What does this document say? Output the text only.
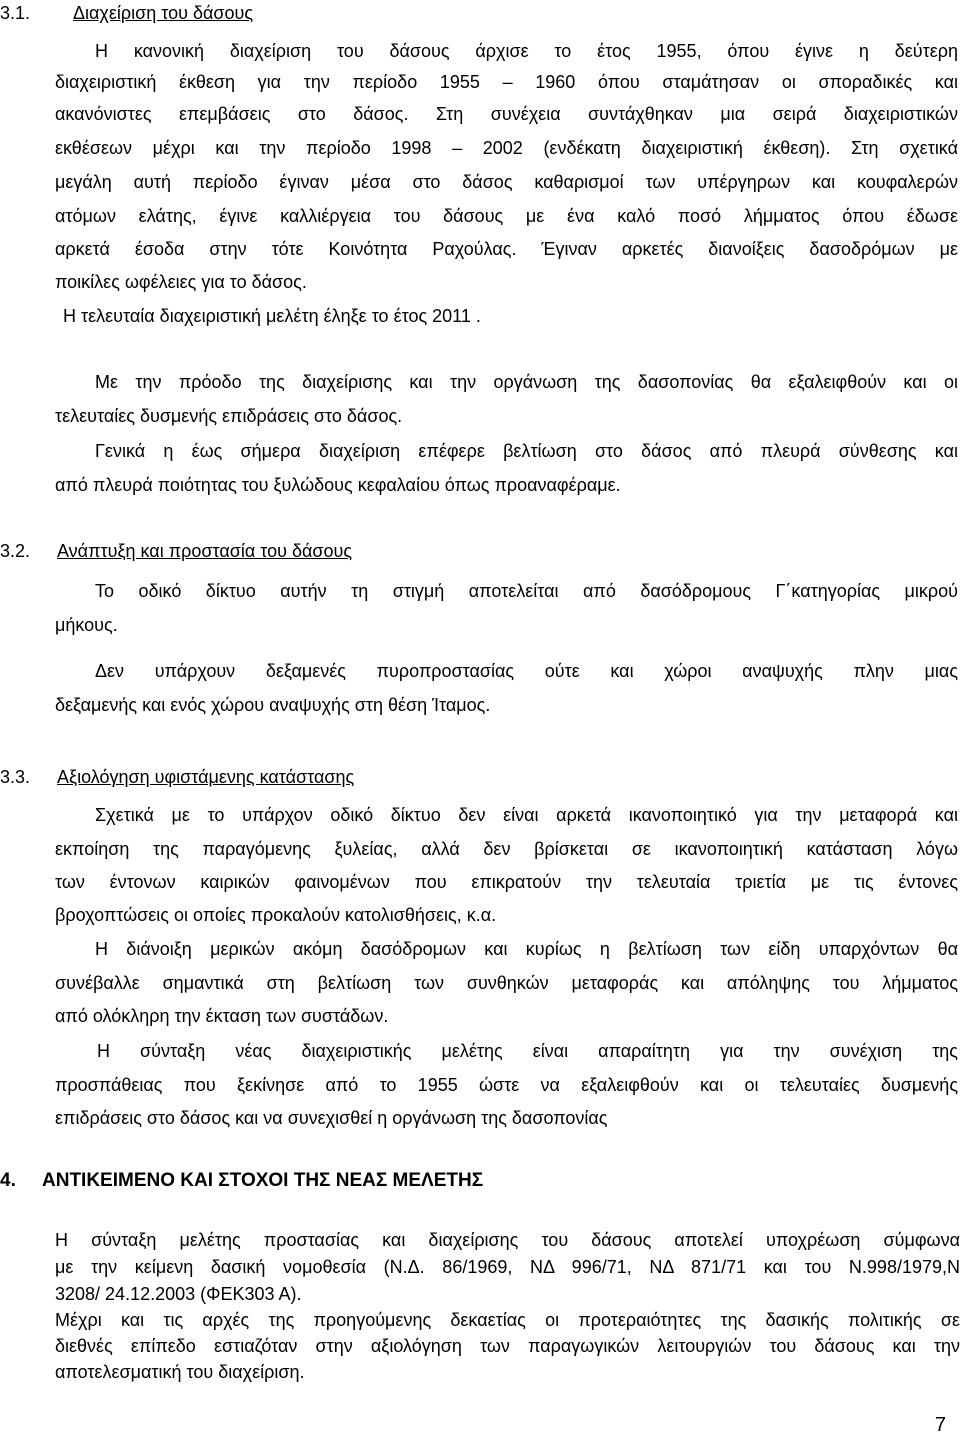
3.1. Διαχείριση του δάσους
Η κανονική διαχείριση του δάσους άρχισε το έτος 1955, όπου έγινε η δεύτερη
διαχειριστική έκθεση για την περίοδο 1955 – 1960 όπου σταμάτησαν οι σποραδικές και
ακανόνιστες επεμβάσεις στο δάσος. Στη συνέχεια συντάχθηκαν μια σειρά διαχειριστικών
εκθέσεων μέχρι και την περίοδο 1998 – 2002 (ενδέκατη διαχειριστική έκθεση). Στη σχετικά
μεγάλη αυτή περίοδο έγιναν μέσα στο δάσος καθαρισμοί των υπέργηρων και κουφαλερών
ατόμων ελάτης, έγινε καλλιέργεια του δάσους με ένα καλό ποσό λήμματος όπου έδωσε
αρκετά έσοδα στην τότε Κοινότητα Ραχούλας. Έγιναν αρκετές διανοίξεις δασοδρόμων με
ποικίλες ωφέλειες για το δάσος.
Η τελευταία διαχειριστική μελέτη έληξε το έτος 2011 .
Με την πρόοδο της διαχείρισης και την οργάνωση της δασοπονίας θα εξαλειφθούν και οι
τελευταίες δυσμενής επιδράσεις στο δάσος.
Γενικά η έως σήμερα διαχείριση επέφερε βελτίωση στο δάσος από πλευρά σύνθεσης και
από πλευρά ποιότητας του ξυλώδους κεφαλαίου όπως προαναφέραμε.
3.2. Ανάπτυξη και προστασία του δάσους
Το οδικό δίκτυο αυτήν τη στιγμή αποτελείται από δασόδρομους Γ΄κατηγορίας μικρού
μήκους.
Δεν υπάρχουν δεξαμενές πυροπροστασίας ούτε και χώροι αναψυχής πλην μιας
δεξαμενής και ενός χώρου αναψυχής στη θέση Ίταμος.
3.3. Αξιολόγηση υφιστάμενης κατάστασης
Σχετικά με το υπάρχον οδικό δίκτυο δεν είναι αρκετά ικανοποιητικό για την μεταφορά και
εκποίηση της παραγόμενης ξυλείας, αλλά δεν βρίσκεται σε ικανοποιητική κατάσταση λόγω
των έντονων καιρικών φαινομένων που επικρατούν την τελευταία τριετία με τις έντονες
βροχοπτώσεις οι οποίες προκαλούν κατολισθήσεις, κ.α.
Η διάνοιξη μερικών ακόμη δασόδρομων και κυρίως η βελτίωση των είδη υπαρχόντων θα
συνέβαλλε σημαντικά στη βελτίωση των συνθηκών μεταφοράς και απόληψης του λήμματος
από ολόκληρη την έκταση των συστάδων.
Η σύνταξη νέας διαχειριστικής μελέτης είναι απαραίτητη για την συνέχιση της
προσπάθειας που ξεκίνησε από το 1955 ώστε να εξαλειφθούν και οι τελευταίες δυσμενής
επιδράσεις στο δάσος και να συνεχισθεί η οργάνωση της δασοπονίας
4. ΑΝΤΙΚΕΙΜΕΝΟ ΚΑΙ ΣΤΟΧΟΙ ΤΗΣ ΝΕΑΣ ΜΕΛΕΤΗΣ
Η σύνταξη μελέτης προστασίας και διαχείρισης του δάσους αποτελεί υποχρέωση σύμφωνα
με την κείμενη δασική νομοθεσία (Ν.Δ. 86/1969, ΝΔ 996/71, ΝΔ 871/71 και του Ν.998/1979,Ν
3208/ 24.12.2003 (ΦΕΚ303 Α).
Μέχρι και τις αρχές της προηγούμενης δεκαετίας οι προτεραιότητες της δασικής πολιτικής σε
διεθνές επίπεδο εστιαζόταν στην αξιολόγηση των παραγωγικών λειτουργιών του δάσους και την
αποτελεσματική του διαχείριση.
7
